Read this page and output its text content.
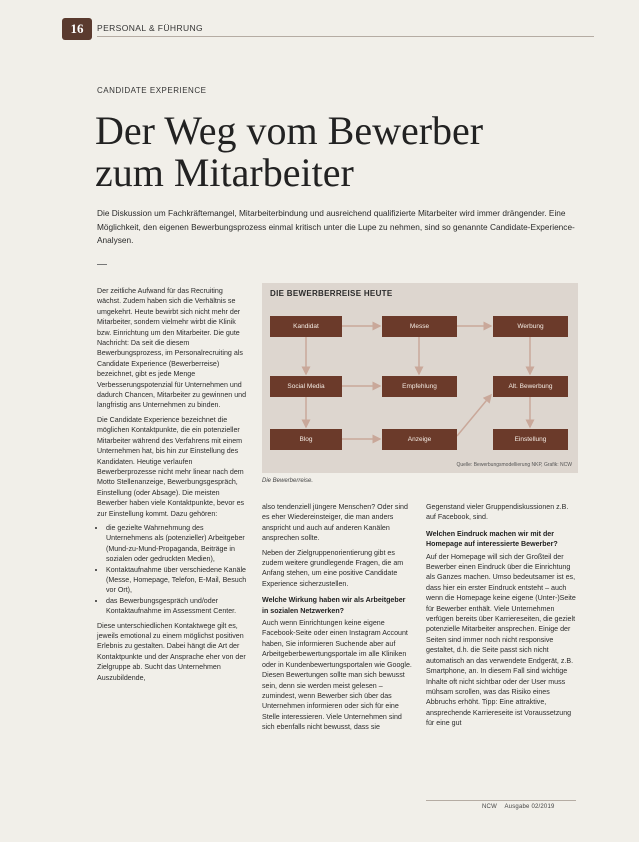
16	PERSONAL & FÜHRUNG
CANDIDATE EXPERIENCE
Der Weg vom Bewerber
zum Mitarbeiter
Die Diskussion um Fachkräftemangel, Mitarbeiterbindung und ausreichend qualifizierte Mitarbeiter wird immer drängender. Eine Möglichkeit, den eigenen Bewerbungsprozess einmal kritisch unter die Lupe zu nehmen, sind so genannte Candidate-Experience-Analysen.

Der zeitliche Aufwand für das Recruiting wächst. Zudem haben sich die Verhältnis se umgekehrt. Heute bewirbt sich nicht mehr der Mitarbeiter, sondern vielmehr wirbt die Klinik bzw. Einrichtung um den Mitarbeiter. Die gute Nachricht: Da seit die diesem Bewerbungsprozess, im Personalrecruiting als Candidate Experience (Bewerberreise) bezeichnet, gibt es jede Menge Verbesserungspotenzial für Unternehmen und dadurch Chancen, Mitarbeiter zu gewinnen und langfristig ans Unternehmen zu binden.

Die Candidate Experience bezeichnet die möglichen Kontaktpunkte, die ein potenzieller Mitarbeiter während des Verfahrens mit einem Unternehmen hat, bis hin zur Einstellung des Kandidaten. Heutige verlaufen Bewerberprozesse nicht mehr linear nach dem Motto Stellenanzeige, Bewerbungsgespräch, Einstellung (oder Absage). Die meisten Bewerber haben viele Kontaktpunkte, bevor es zur Einstellung kommt. Dazu gehören:

• die gezielte Wahrnehmung des Unternehmens als (potenzieller) Arbeitgeber (Mund-zu-Mund-Propaganda, Beiträge in sozialen oder gedruckten Medien),
• Kontaktaufnahme über verschiedene Kanäle (Messe, Homepage, Telefon, E-Mail, Besuch vor Ort),
• das Bewerbungsgespräch und/oder Kontaktaufnahme im Assessment Center.

Diese unterschiedlichen Kontaktwege gilt es, jeweils emotional zu einem möglichst positiven Erlebnis zu gestalten. Dabei hängt die Art der Kontaktpunkte und der Ansprache eher von der Zielgruppe ab. Sucht das Unternehmen Auszubildende,

DIE BEWERBERREISE HEUTE
Kandidat	Messe	Werbung
Social Media	Empfehlung	Alt. Bewerbung
Blog	Anzeige	Einstellung
Quelle: Bewerbungsmodellierung NKP, Grafik: NCW
Die Bewerberreise.

also tendenziell jüngere Menschen? Oder sind es eher Wiedereinsteiger, die man anders anspricht und auch auf anderen Kanälen ansprechen sollte.

Neben der Zielgruppenorientierung gibt es zudem weitere grundlegende Fragen, die am Anfang stehen, um eine positive Candidate Experience sicherzustellen.

Welche Wirkung haben wir als Arbeitgeber in sozialen Netzwerken?

Auch wenn Einrichtungen keine eigene Facebook-Seite oder einen Instagram Account haben, Sie informieren Suchende aber auf Arbeitgeberbewertungsportale im alle Kliniken oder in Kundenbewertungsportalen wie Google. Diesen Bewertungen sollte man sich bewusst sein, denn sie werden meist gelesen – zumindest, wenn Bewerber sich über das Unternehmen informieren oder sich für eine Stelle interessieren. Viele Unternehmen sind sich ebenfalls nicht bewusst, dass sie

Gegenstand vieler Gruppendiskussionen z.B. auf Facebook, sind.

Welchen Eindruck machen wir mit der Homepage auf interessierte Bewerber?

Auf der Homepage will sich der Großteil der Bewerber einen Eindruck über die Einrichtung als Ganzes machen. Umso bedeutsamer ist es, dass hier ein erster Eindruck entsteht – auch wenn die Homepage keine eigene (Unter-)Seite für Bewerber enthält. Viele Unternehmen verfügen bereits über Karriereseiten, die gezielt potenzielle Mitarbeiter ansprechen. Einige der Seiten sind immer noch nicht responsive gestaltet, d.h. die Seite passt sich nicht automatisch an das verwendete Endgerät, z.B. Smartphone, an. In diesem Fall sind wichtige Inhalte oft nicht sichtbar oder der User muss mühsam scrollen, was das Risiko eines Abbruchs erhöht. Tipp: Eine attraktive, ansprechende Karriereseite ist Voraussetzung für eine gut

NCW Ausgabe 02/2019
